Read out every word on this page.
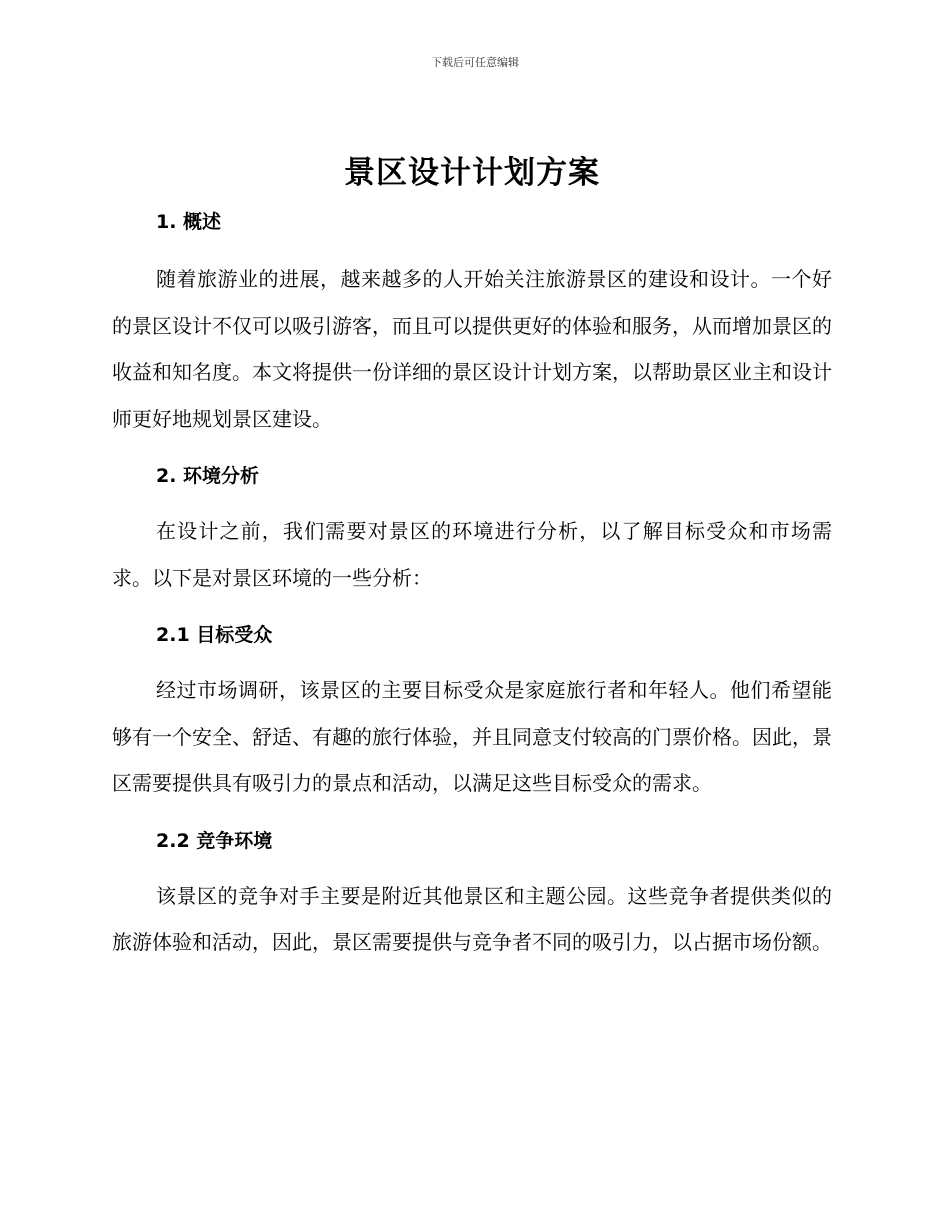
下载后可任意编辑
景区设计计划方案

1. 概述

随着旅游业的进展，越来越多的人开始关注旅游景区的建设和设计。一个好的景区设计不仅可以吸引游客，而且可以提供更好的体验和服务，从而增加景区的收益和知名度。本文将提供一份详细的景区设计计划方案，以帮助景区业主和设计师更好地规划景区建设。

2. 环境分析

在设计之前，我们需要对景区的环境进行分析，以了解目标受众和市场需求。以下是对景区环境的一些分析：

2.1 目标受众

经过市场调研，该景区的主要目标受众是家庭旅行者和年轻人。他们希望能够有一个安全、舒适、有趣的旅行体验，并且同意支付较高的门票价格。因此，景区需要提供具有吸引力的景点和活动，以满足这些目标受众的需求。

2.2 竞争环境

该景区的竞争对手主要是附近其他景区和主题公园。这些竞争者提供类似的旅游体验和活动，因此，景区需要提供与竞争者不同的吸引力，以占据市场份额。
